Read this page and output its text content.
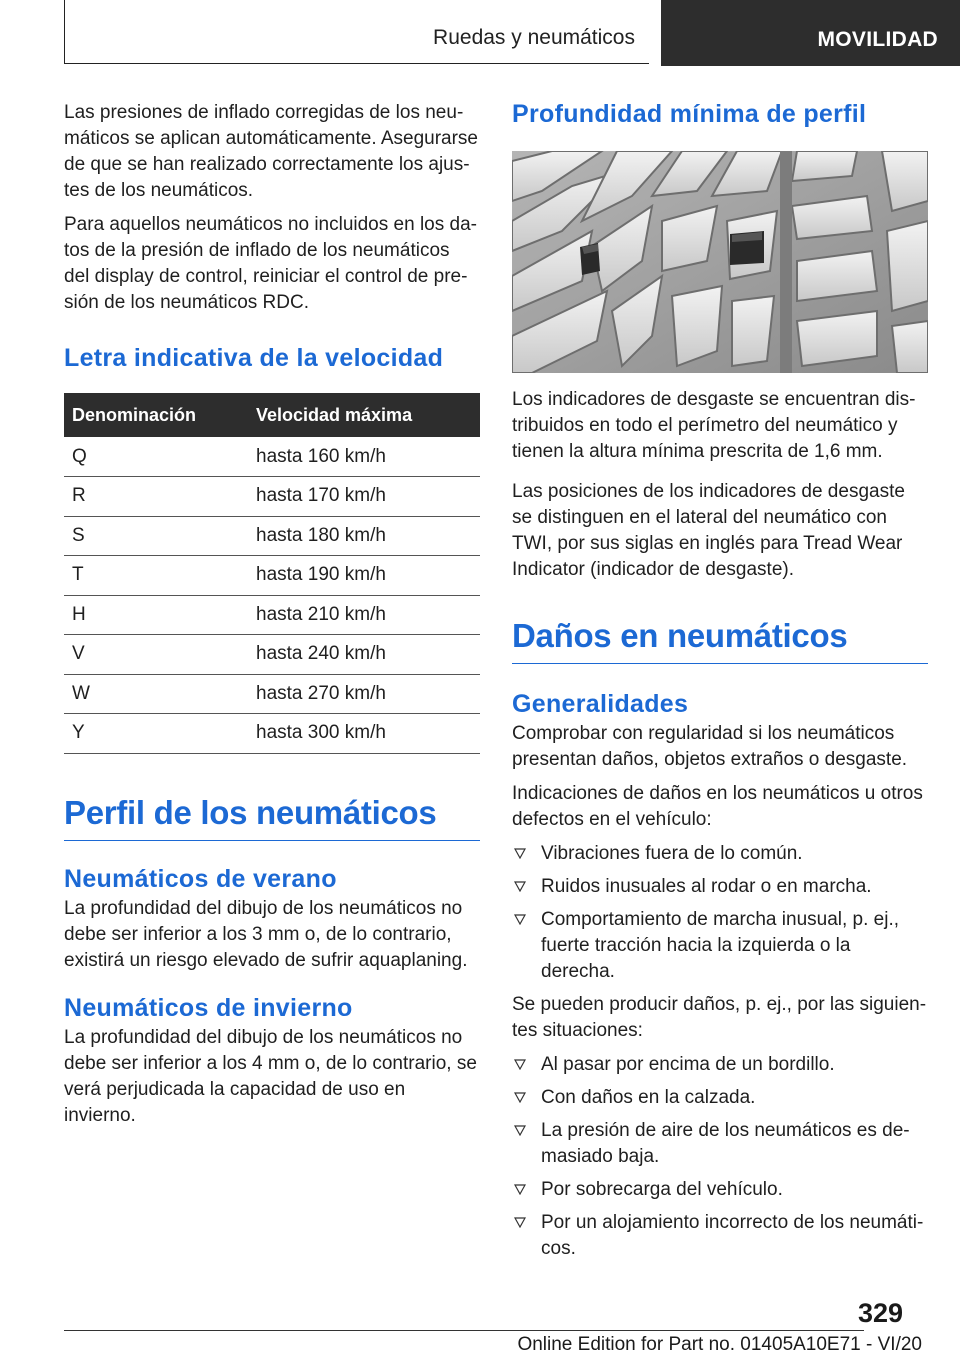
Ruedas y neumáticos	MOVILIDAD

Las presiones de inflado corregidas de los neumáticos se aplican automáticamente. Asegurarse de que se han realizado correctamente los ajustes de los neumáticos.

Para aquellos neumáticos no incluidos en los datos de la presión de inflado de los neumáticos del display de control, reiniciar el control de presión de los neumáticos RDC.

Letra indicativa de la velocidad
Denominación	Velocidad máxima
Q	hasta 160 km/h
R	hasta 170 km/h
S	hasta 180 km/h
T	hasta 190 km/h
H	hasta 210 km/h
V	hasta 240 km/h
W	hasta 270 km/h
Y	hasta 300 km/h
Perfil de los neumáticos
Neumáticos de verano

La profundidad del dibujo de los neumáticos no debe ser inferior a los 3 mm o, de lo contrario, existirá un riesgo elevado de sufrir aquaplaning.

Neumáticos de invierno

La profundidad del dibujo de los neumáticos no debe ser inferior a los 4 mm o, de lo contrario, se verá perjudicada la capacidad de uso en invierno.

Profundidad mínima de perfil

Los indicadores de desgaste se encuentran distribuidos en todo el perímetro del neumático y tienen la altura mínima prescrita de 1,6 mm.

Las posiciones de los indicadores de desgaste se distinguen en el lateral del neumático con TWI, por sus siglas en inglés para Tread Wear Indicator (indicador de desgaste).

Daños en neumáticos
Generalidades

Comprobar con regularidad si los neumáticos presentan daños, objetos extraños o desgaste.

Indicaciones de daños en los neumáticos u otros defectos en el vehículo:

Vibraciones fuera de lo común.
Ruidos inusuales al rodar o en marcha.
Comportamiento de marcha inusual, p. ej., fuerte tracción hacia la izquierda o la derecha.

Se pueden producir daños, p. ej., por las siguientes situaciones:

Al pasar por encima de un bordillo.
Con daños en la calzada.
La presión de aire de los neumáticos es demasiado baja.
Por sobrecarga del vehículo.
Por un alojamiento incorrecto de los neumáticos.
329
Online Edition for Part no. 01405A10E71 - VI/20
